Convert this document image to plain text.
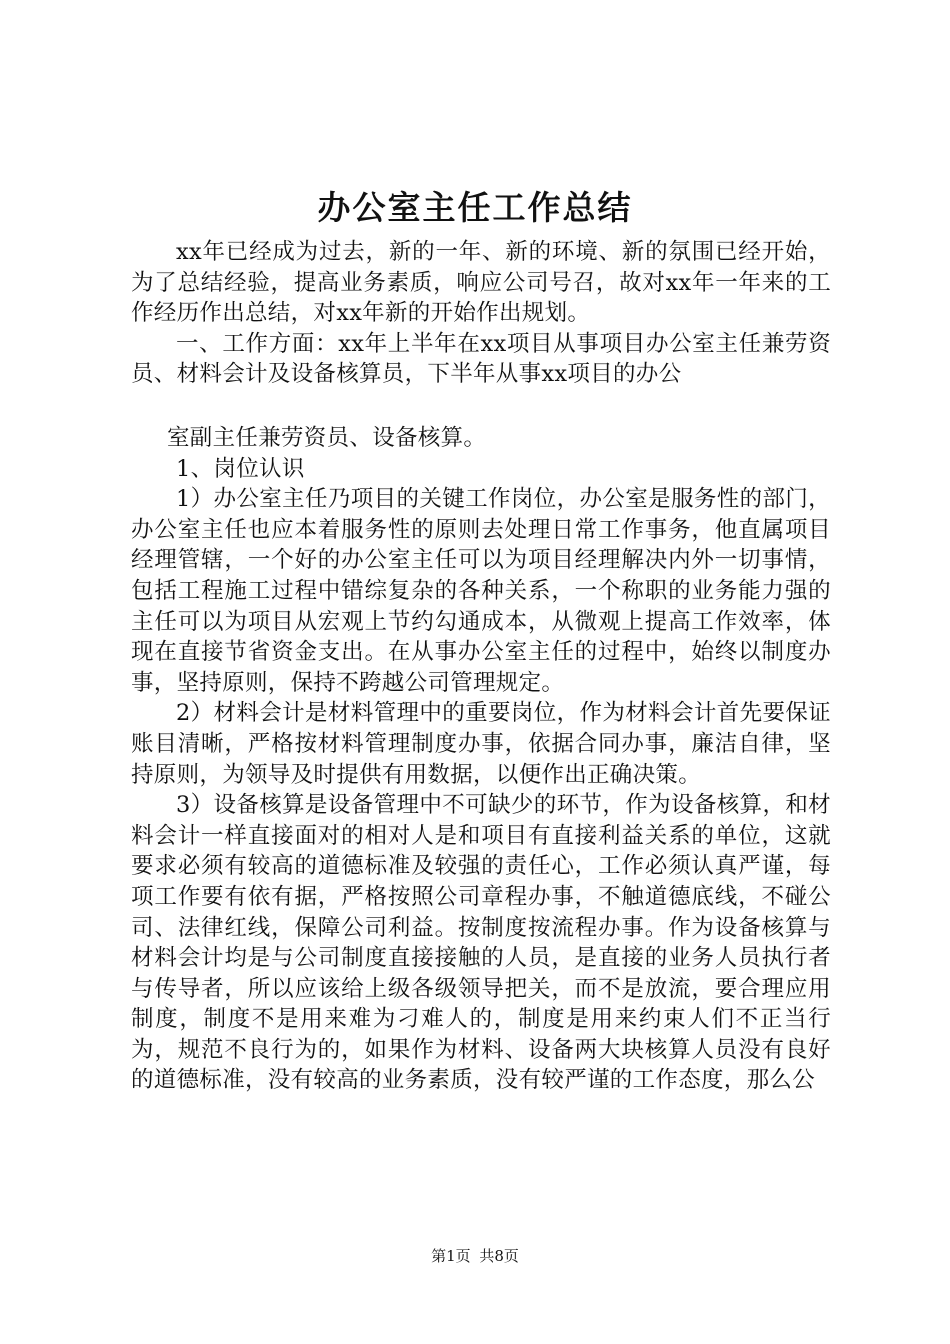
办公室主任工作总结

xx年已经成为过去，新的一年、新的环境、新的氛围已经开始，为了总结经验，提高业务素质，响应公司号召，故对xx年一年来的工作经历作出总结，对xx年新的开始作出规划。

一、工作方面：xx年上半年在xx项目从事项目办公室主任兼劳资员、材料会计及设备核算员，下半年从事xx项目的办公

室副主任兼劳资员、设备核算。

1、岗位认识

1）办公室主任乃项目的关键工作岗位，办公室是服务性的部门，办公室主任也应本着服务性的原则去处理日常工作事务，他直属项目经理管辖，一个好的办公室主任可以为项目经理解决内外一切事情，包括工程施工过程中错综复杂的各种关系，一个称职的业务能力强的主任可以为项目从宏观上节约勾通成本，从微观上提高工作效率，体现在直接节省资金支出。在从事办公室主任的过程中，始终以制度办事，坚持原则，保持不跨越公司管理规定。

2）材料会计是材料管理中的重要岗位，作为材料会计首先要保证账目清晰，严格按材料管理制度办事，依据合同办事，廉洁自律，坚持原则，为领导及时提供有用数据，以便作出正确决策。

3）设备核算是设备管理中不可缺少的环节，作为设备核算，和材料会计一样直接面对的相对人是和项目有直接利益关系的单位，这就要求必须有较高的道德标准及较强的责任心，工作必须认真严谨，每项工作要有依有据，严格按照公司章程办事，不触道德底线，不碰公司、法律红线，保障公司利益。按制度按流程办事。作为设备核算与材料会计均是与公司制度直接接触的人员，是直接的业务人员执行者与传导者，所以应该给上级各级领导把关，而不是放流，要合理应用制度，制度不是用来难为刁难人的，制度是用来约束人们不正当行为，规范不良行为的，如果作为材料、设备两大块核算人员没有良好的道德标准，没有较高的业务素质，没有较严谨的工作态度，那么公

第1页 共8页
